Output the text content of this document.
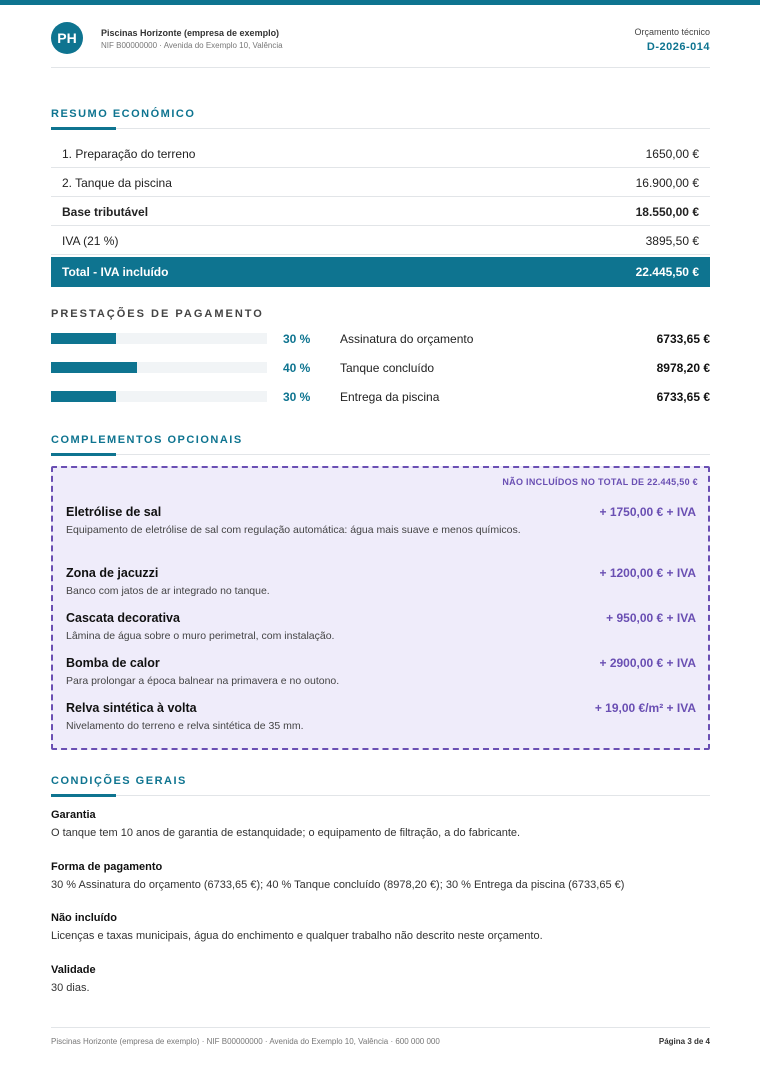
PH	Piscinas Horizonte (empresa de exemplo)
NIF B00000000 · Avenida do Exemplo 10, Valência
Orçamento técnico
D-2026-014
RESUMO ECONÓMICO
1. Preparação do terreno	1650,00 €
2. Tanque da piscina	16.900,00 €
Base tributável	18.550,00 €
IVA (21 %)	3895,50 €
Total - IVA incluído	22.445,50 €
PRESTAÇÕES DE PAGAMENTO
30 % Assinatura do orçamento	6733,65 €
40 % Tanque concluído	8978,20 €
30 % Entrega da piscina	6733,65 €
COMPLEMENTOS OPCIONAIS
NÃO INCLUÍDOS NO TOTAL DE 22.445,50 €
Eletrólise de sal
Equipamento de eletrólise de sal com regulação automática: água mais suave e menos químicos.
+ 1750,00 € + IVA
Zona de jacuzzi
Banco com jatos de ar integrado no tanque.
+ 1200,00 € + IVA
Cascata decorativa
Lâmina de água sobre o muro perimetral, com instalação.
+ 950,00 € + IVA
Bomba de calor
Para prolongar a época balnear na primavera e no outono.
+ 2900,00 € + IVA
Relva sintética à volta
Nivelamento do terreno e relva sintética de 35 mm.
+ 19,00 €/m² + IVA
CONDIÇÕES GERAIS
Garantia
O tanque tem 10 anos de garantia de estanquidade; o equipamento de filtração, a do fabricante.
Forma de pagamento
30 % Assinatura do orçamento (6733,65 €); 40 % Tanque concluído (8978,20 €); 30 % Entrega da piscina (6733,65 €)
Não incluído
Licenças e taxas municipais, água do enchimento e qualquer trabalho não descrito neste orçamento.
Validade
30 dias.
Piscinas Horizonte (empresa de exemplo) · NIF B00000000 · Avenida do Exemplo 10, Valência · 600 000 000	Página 3 de 4
